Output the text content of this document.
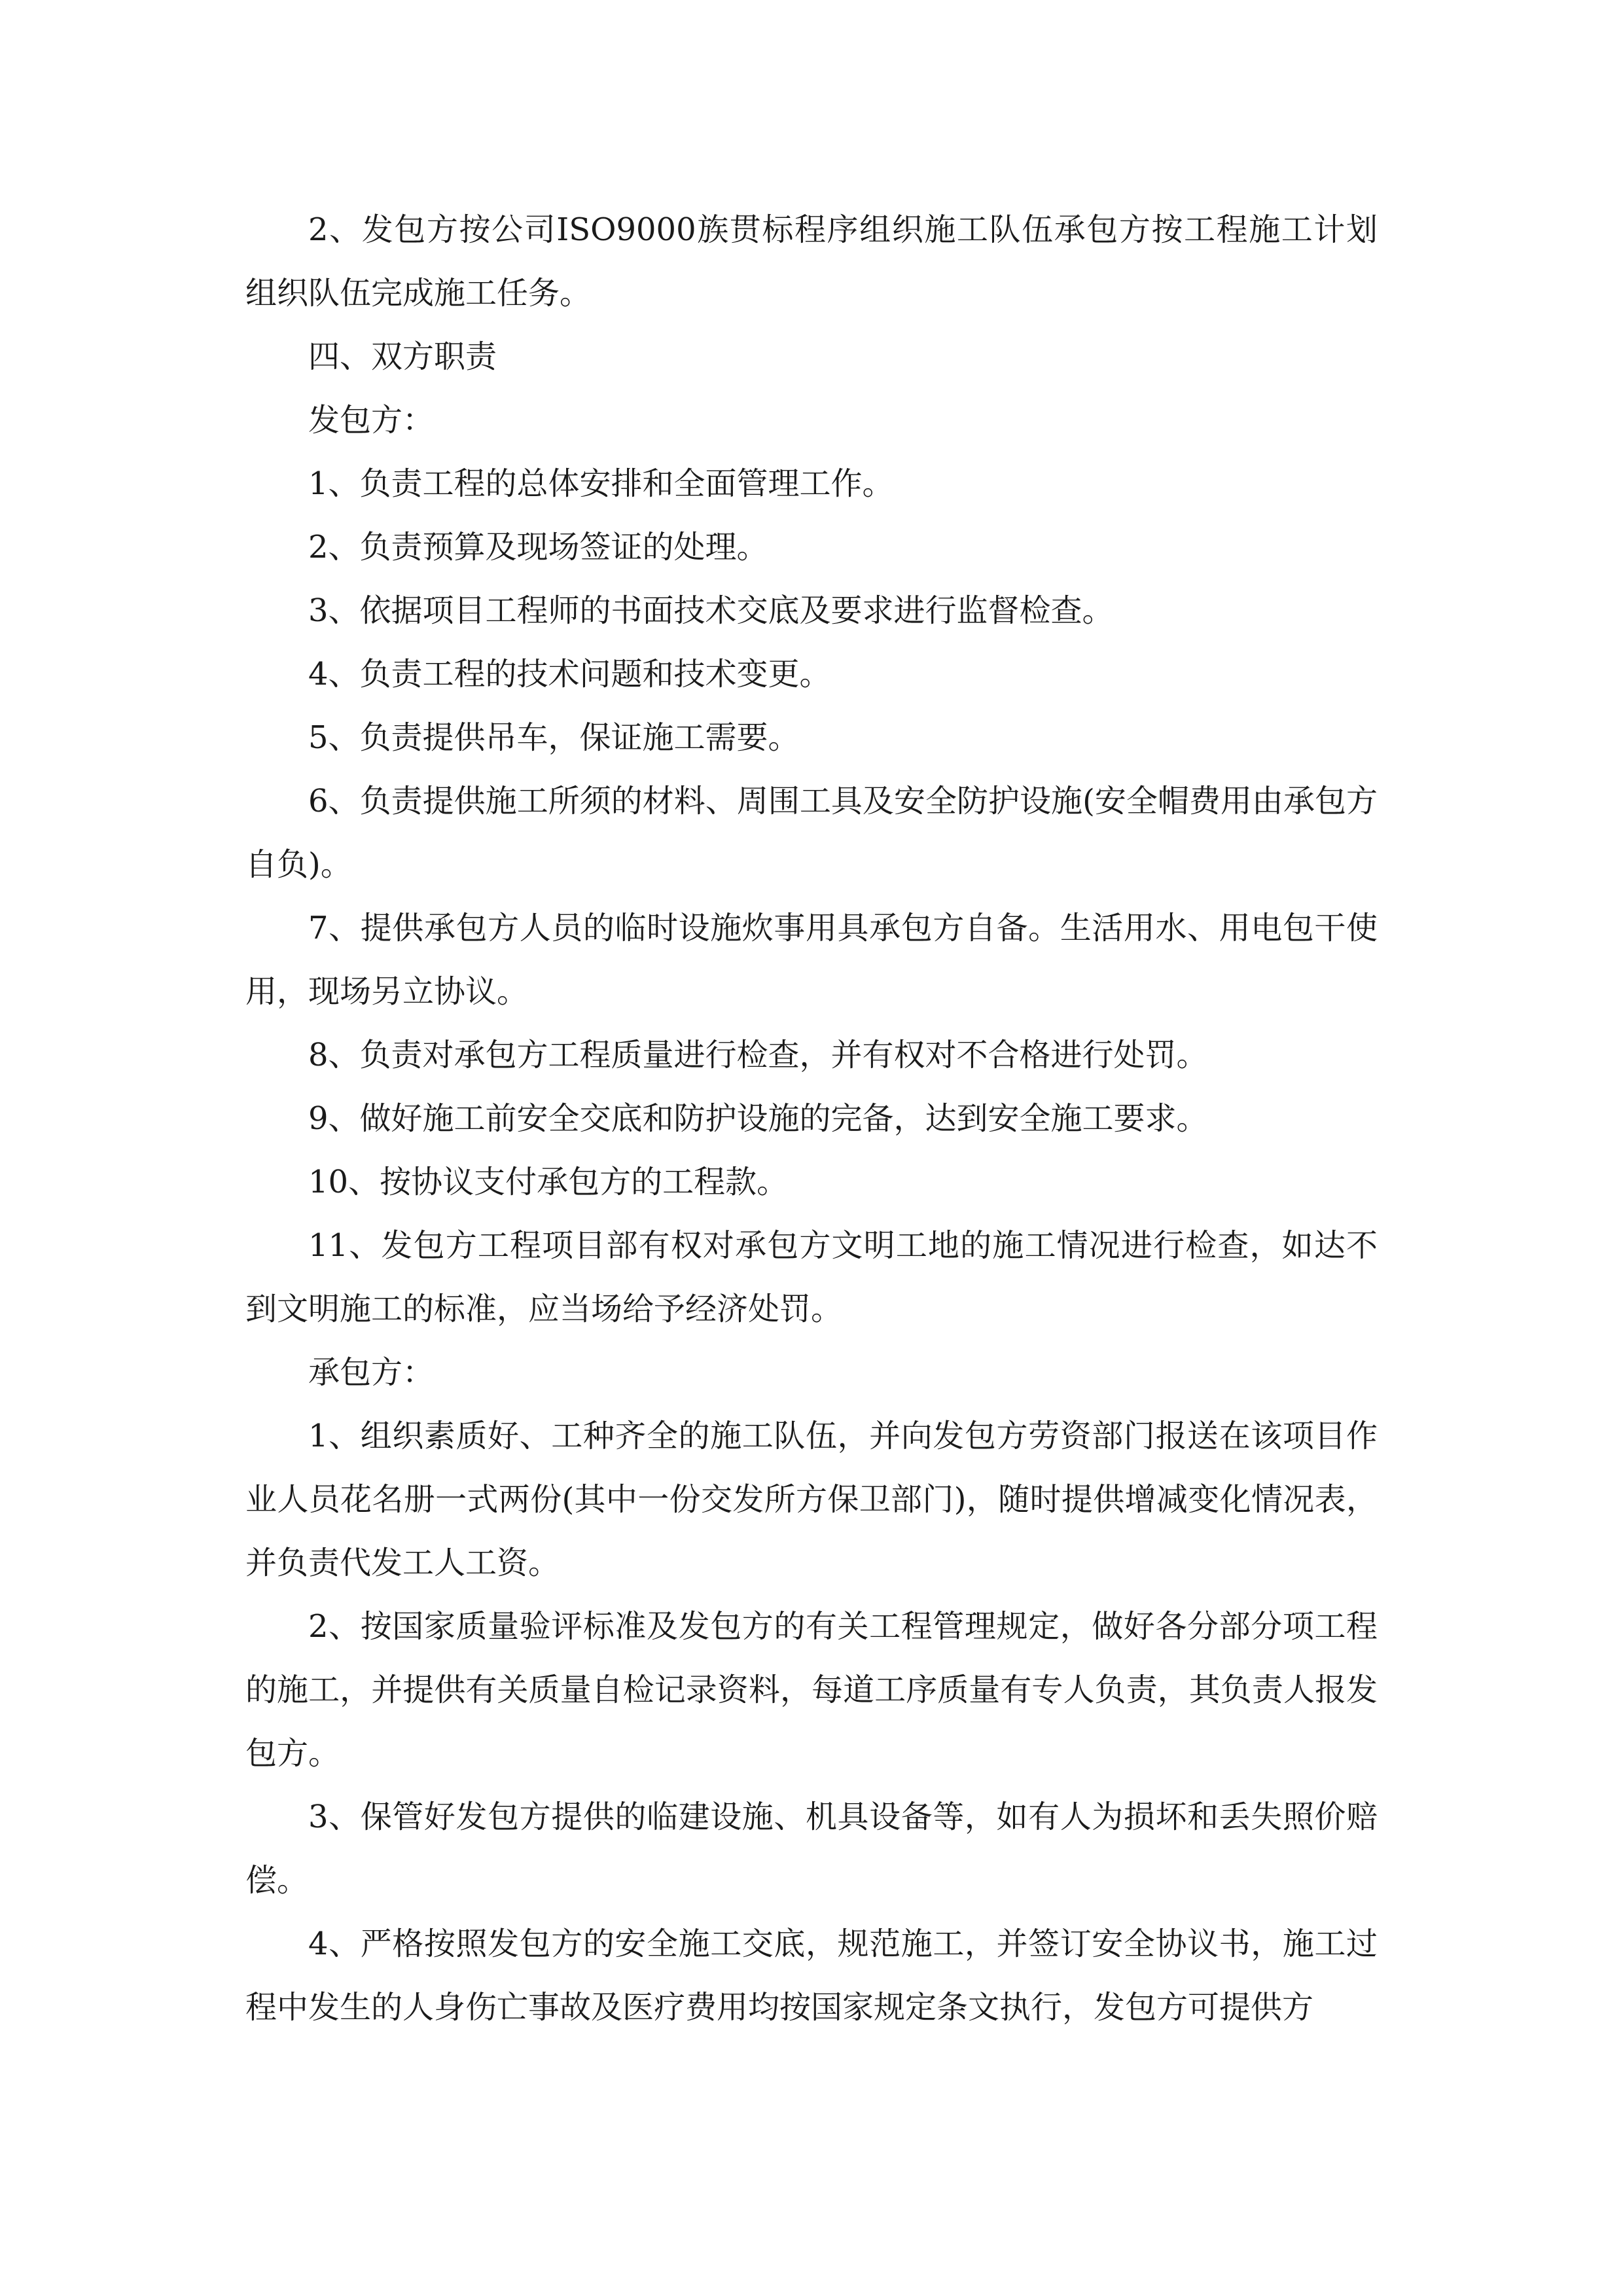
2、发包方按公司ISO9000族贯标程序组织施工队伍承包方按工程施工计划组织队伍完成施工任务。

四、双方职责

发包方：

1、负责工程的总体安排和全面管理工作。

2、负责预算及现场签证的处理。

3、依据项目工程师的书面技术交底及要求进行监督检查。

4、负责工程的技术问题和技术变更。

5、负责提供吊车，保证施工需要。

6、负责提供施工所须的材料、周围工具及安全防护设施(安全帽费用由承包方自负)。

7、提供承包方人员的临时设施炊事用具承包方自备。生活用水、用电包干使用，现场另立协议。

8、负责对承包方工程质量进行检查，并有权对不合格进行处罚。

9、做好施工前安全交底和防护设施的完备，达到安全施工要求。

10、按协议支付承包方的工程款。

11、发包方工程项目部有权对承包方文明工地的施工情况进行检查，如达不到文明施工的标准，应当场给予经济处罚。

承包方：

1、组织素质好、工种齐全的施工队伍，并向发包方劳资部门报送在该项目作业人员花名册一式两份(其中一份交发所方保卫部门)，随时提供增减变化情况表，并负责代发工人工资。

2、按国家质量验评标准及发包方的有关工程管理规定，做好各分部分项工程的施工，并提供有关质量自检记录资料，每道工序质量有专人负责，其负责人报发包方。

3、保管好发包方提供的临建设施、机具设备等，如有人为损坏和丢失照价赔偿。

4、严格按照发包方的安全施工交底，规范施工，并签订安全协议书，施工过程中发生的人身伤亡事故及医疗费用均按国家规定条文执行，发包方可提供方
